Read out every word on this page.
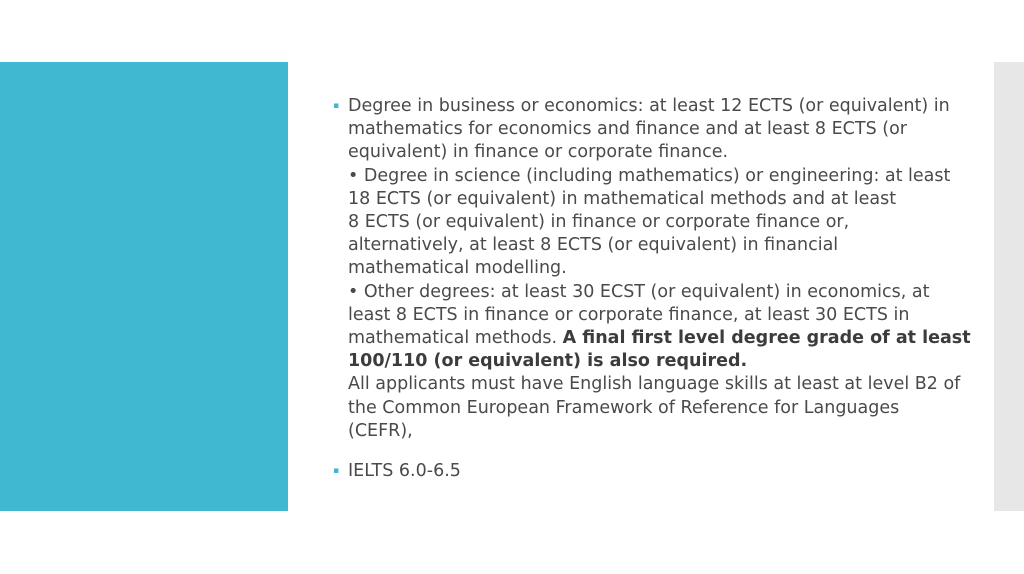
▪ Degree in business or economics: at least 12 ECTS (or equivalent) in
mathematics for economics and finance and at least 8 ECTS (or
equivalent) in finance or corporate finance.
• Degree in science (including mathematics) or engineering: at least
18 ECTS (or equivalent) in mathematical methods and at least
8 ECTS (or equivalent) in finance or corporate finance or,
alternatively, at least 8 ECTS (or equivalent) in financial
mathematical modelling.
• Other degrees: at least 30 ECST (or equivalent) in economics, at
least 8 ECTS in finance or corporate finance, at least 30 ECTS in
mathematical methods. A final first level degree grade of at least
100/110 (or equivalent) is also required.
All applicants must have English language skills at least at level B2 of
the Common European Framework of Reference for Languages
(CEFR),
▪ IELTS 6.0-6.5
